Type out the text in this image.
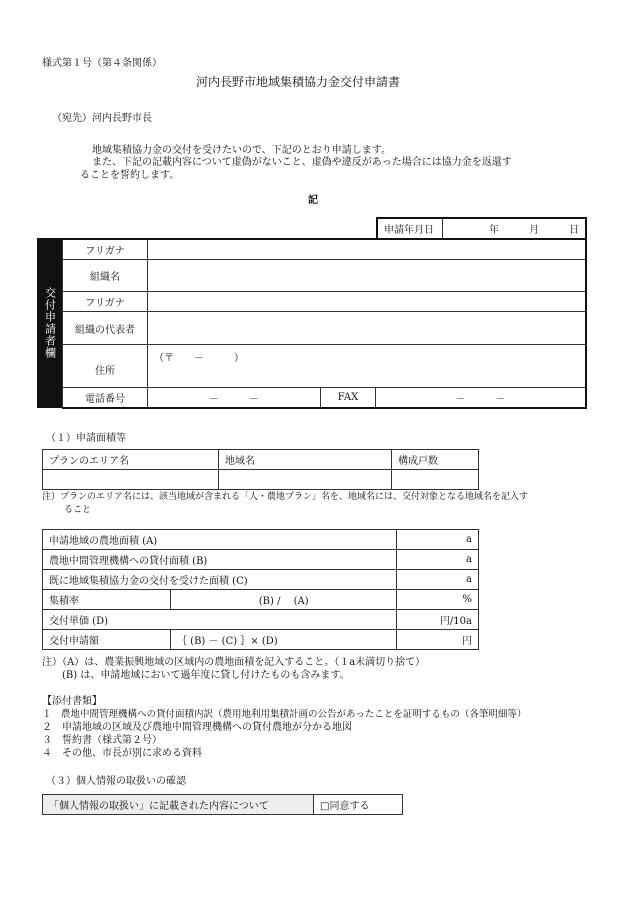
様式第１号（第４条関係）
河内長野市地域集積協力金交付申請書
（宛先）河内長野市長
地域集積協力金の交付を受けたいので、下記のとおり申請します。
また、下記の記載内容について虚偽がないこと、虚偽や違反があった場合には協力金を返還す
ることを誓約します。
記
申請年月日	年	月	日
交付申請者欄
フリガナ			
組織名			
フリガナ			
組織の代表者			
住所	（〒　　－　　　）		
電話番号	－　　　－	FAX	－　　　－
（１）申請面積等
プランのエリア名	地域名	構成戸数

注）プランのエリア名には、該当地域が含まれる「人・農地プラン」名を、地域名には、交付対象となる地域名を記入す
ること
申請地域の農地面積 (A)		a
農地中間管理機構への貸付面積 (B)		a
既に地域集積協力金の交付を受けた面積 (C)		a
集積率	(B) / 　(A)	%
交付単価 (D)		円/10a
交付申請額	｛ (B) － (C) ｝× (D)	円
注）（A）は、農業振興地域の区域内の農地面積を記入すること。（１a未満切り捨て）
(B) は、申請地域において過年度に貸し付けたものも含みます。
【添付書類】
１　農地中間管理機構への貸付面積内訳（農用地利用集積計画の公告があったことを証明するもの（各筆明細等）
２　申請地域の区域及び農地中間管理機構への貸付農地が分かる地図
３　誓約書（様式第２号）
４　その他、市長が別に求める資料
（３）個人情報の取扱いの確認
「個人情報の取扱い」に記載された内容について	□同意する
